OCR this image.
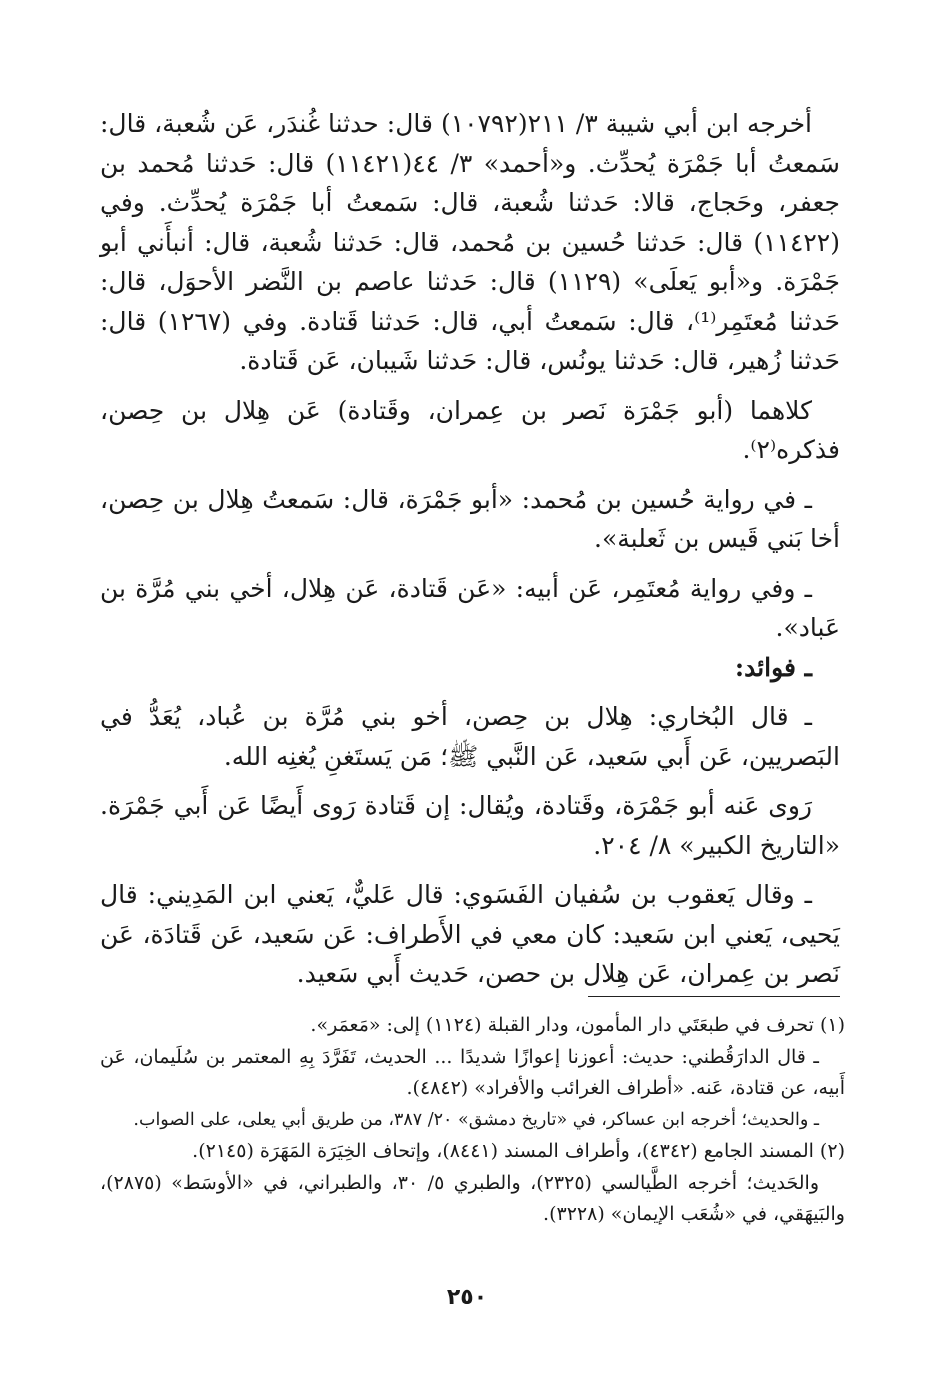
أخرجه ابن أبي شيبة ٣/ ٢١١(١٠٧٩٢) قال: حدثنا غُندَر، عَن شُعبة، قال: سَمعتُ أبا جَمْرَة يُحدِّث. و«أحمد» ٣/ ٤٤(١١٤٢١) قال: حَدثنا مُحمد بن جعفر، وحَجاج، قالا: حَدثنا شُعبة، قال: سَمعتُ أبا جَمْرَة يُحدِّث. وفي (١١٤٢٢) قال: حَدثنا حُسين بن مُحمد، قال: حَدثنا شُعبة، قال: أنبأَني أبو جَمْرَة. و«أبو يَعلَى» (١١٢٩) قال: حَدثنا عاصم بن النَّضر الأحوَل، قال: حَدثنا مُعتَمِر⁽¹⁾، قال: سَمعتُ أبي، قال: حَدثنا قَتادة. وفي (١٢٦٧) قال: حَدثنا زُهير، قال: حَدثنا يونُس، قال: حَدثنا شَيبان، عَن قَتادة.

كلاهما (أبو جَمْرَة نَصر بن عِمران، وقَتادة) عَن هِلال بن حِصن، فذكره⁽٢⁾.

ـ في رواية حُسين بن مُحمد: «أبو جَمْرَة، قال: سَمعتُ هِلال بن حِصن، أخا بَني قَيس بن ثَعلبة».

ـ وفي رواية مُعتَمِر، عَن أبيه: «عَن قَتادة، عَن هِلال، أخي بني مُرَّة بن عَباد».

ـ فوائد:

ـ قال البُخاري: هِلال بن حِصن، أخو بني مُرَّة بن عُباد، يُعَدُّ في البَصريين، عَن أَبي سَعيد، عَن النَّبي ﷺ؛ مَن يَستَغنِ يُغنِه الله.

رَوى عَنه أبو جَمْرَة، وقَتادة، ويُقال: إن قَتادة رَوى أَيضًا عَن أَبي جَمْرَة. «التاريخ الكبير» ٨/ ٢٠٤.

ـ وقال يَعقوب بن سُفيان الفَسَوي: قال عَليٌّ، يَعني ابن المَدِيني: قال يَحيى، يَعني ابن سَعيد: كان معي في الأَطراف: عَن سَعيد، عَن قَتادَة، عَن نَصر بن عِمران، عَن هِلال بن حصن، حَديث أَبي سَعيد.

(١) تحرف في طبعَتَي دار المأمون، ودار القبلة (١١٢٤) إلى: «مَعمَر».

ـ قال الدارَقُطني: حديث: أعوزنا إعوازًا شديدًا ... الحديث، تَفَرَّدَ بِهِ المعتمر بن سُلَيمان، عَن أَبيه، عن قتادة، عَنه. «أطراف الغرائب والأفراد» (٤٨٤٢).

ـ والحديث؛ أخرجه ابن عساكر، في «تاريخ دمشق» ٢٠/ ٣٨٧، من طريق أبي يعلى، على الصواب.

(٢) المسند الجامع (٤٣٤٢)، وأطراف المسند (٨٤٤١)، وإتحاف الخِيَرَة المَهَرَة (٢١٤٥).

والحَديث؛ أخرجه الطَّيالسي (٢٣٢٥)، والطبري ٥/ ٣٠، والطبراني، في «الأوسَط» (٢٨٧٥)، والبَيهَقي، في «شُعَب الإيمان» (٣٢٢٨).

٢٥٠
